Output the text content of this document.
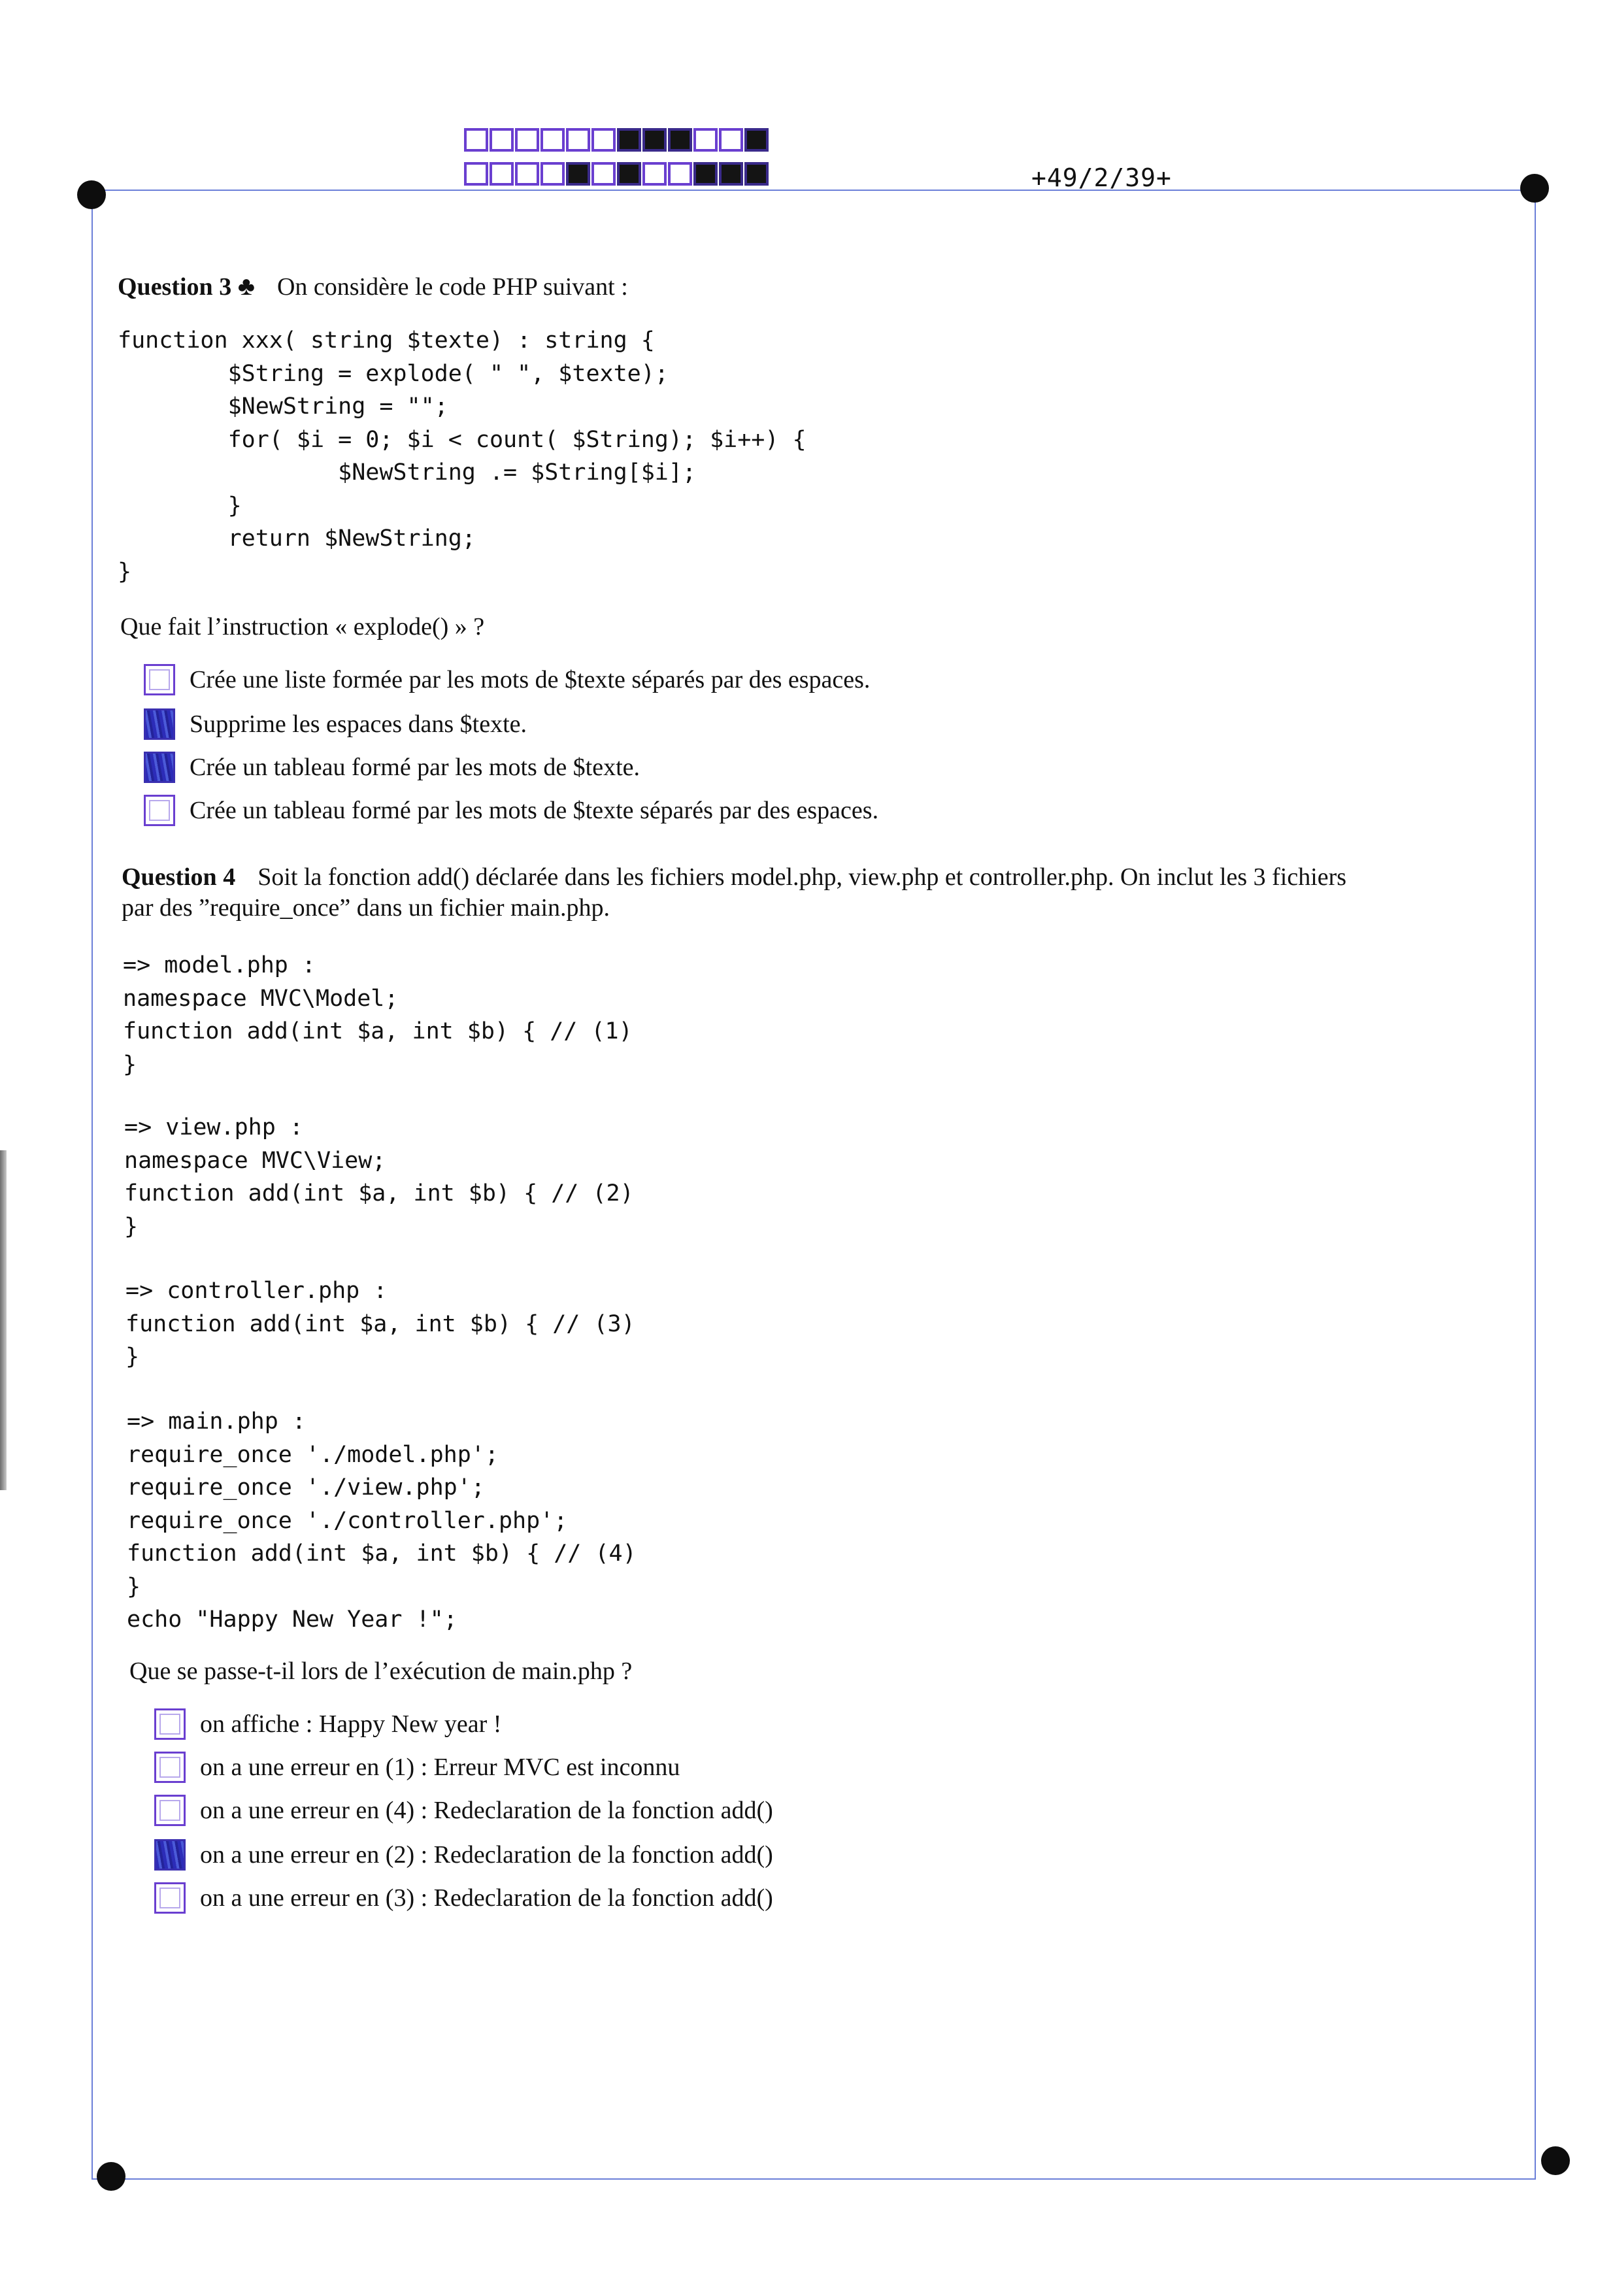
+49/2/39+
Question 3 ♣ On considère le code PHP suivant :
function xxx( string $texte) : string {
$String = explode( " ", $texte);
$NewString = "";
for( $i = 0; $i < count( $String); $i++) {
$NewString .= $String[$i];
}
return $NewString;
}
Que fait l’instruction « explode() » ?
Crée une liste formée par les mots de $texte séparés par des espaces.
Supprime les espaces dans $texte.
Crée un tableau formé par les mots de $texte.
Crée un tableau formé par les mots de $texte séparés par des espaces.
Question 4 Soit la fonction add() déclarée dans les fichiers model.php, view.php et controller.php. On inclut les 3 fichiers
par des ”require_once” dans un fichier main.php.
=> model.php :
namespace MVC\Model;
function add(int $a, int $b) { // (1)
}
=> view.php :
namespace MVC\View;
function add(int $a, int $b) { // (2)
}
=> controller.php :
function add(int $a, int $b) { // (3)
}
=> main.php :
require_once './model.php';
require_once './view.php';
require_once './controller.php';
function add(int $a, int $b) { // (4)
}
echo "Happy New Year !";
Que se passe-t-il lors de l’exécution de main.php ?
on affiche : Happy New year !
on a une erreur en (1) : Erreur MVC est inconnu
on a une erreur en (4) : Redeclaration de la fonction add()
on a une erreur en (2) : Redeclaration de la fonction add()
on a une erreur en (3) : Redeclaration de la fonction add()
